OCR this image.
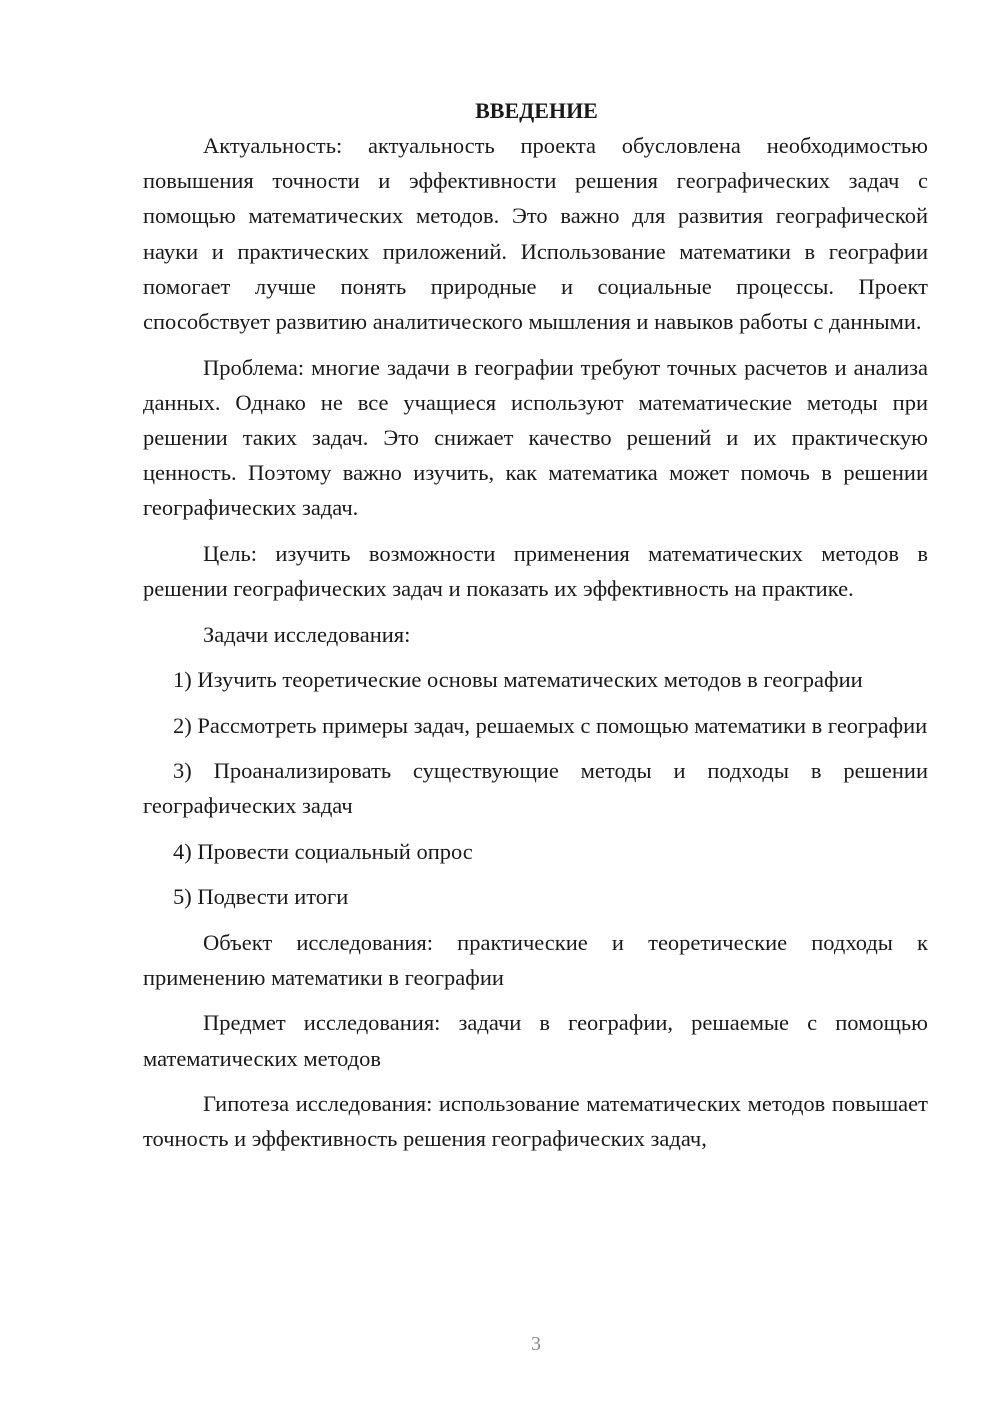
ВВЕДЕНИЕ

Актуальность: актуальность проекта обусловлена необходимостью повышения точности и эффективности решения географических задач с помощью математических методов. Это важно для развития географической науки и практических приложений. Использование математики в географии помогает лучше понять природные и социальные процессы. Проект способствует развитию аналитического мышления и навыков работы с данными.

Проблема: многие задачи в географии требуют точных расчетов и анализа данных. Однако не все учащиеся используют математические методы при решении таких задач. Это снижает качество решений и их практическую ценность. Поэтому важно изучить, как математика может помочь в решении географических задач.

Цель: изучить возможности применения математических методов в решении географических задач и показать их эффективность на практике.

Задачи исследования:

1) Изучить теоретические основы математических методов в географии

2) Рассмотреть примеры задач, решаемых с помощью математики в географии

3) Проанализировать существующие методы и подходы в решении географических задач

4) Провести социальный опрос

5) Подвести итоги

Объект исследования: практические и теоретические подходы к применению математики в географии

Предмет исследования: задачи в географии, решаемые с помощью математических методов

Гипотеза исследования: использование математических методов повышает точность и эффективность решения географических задач,

3
